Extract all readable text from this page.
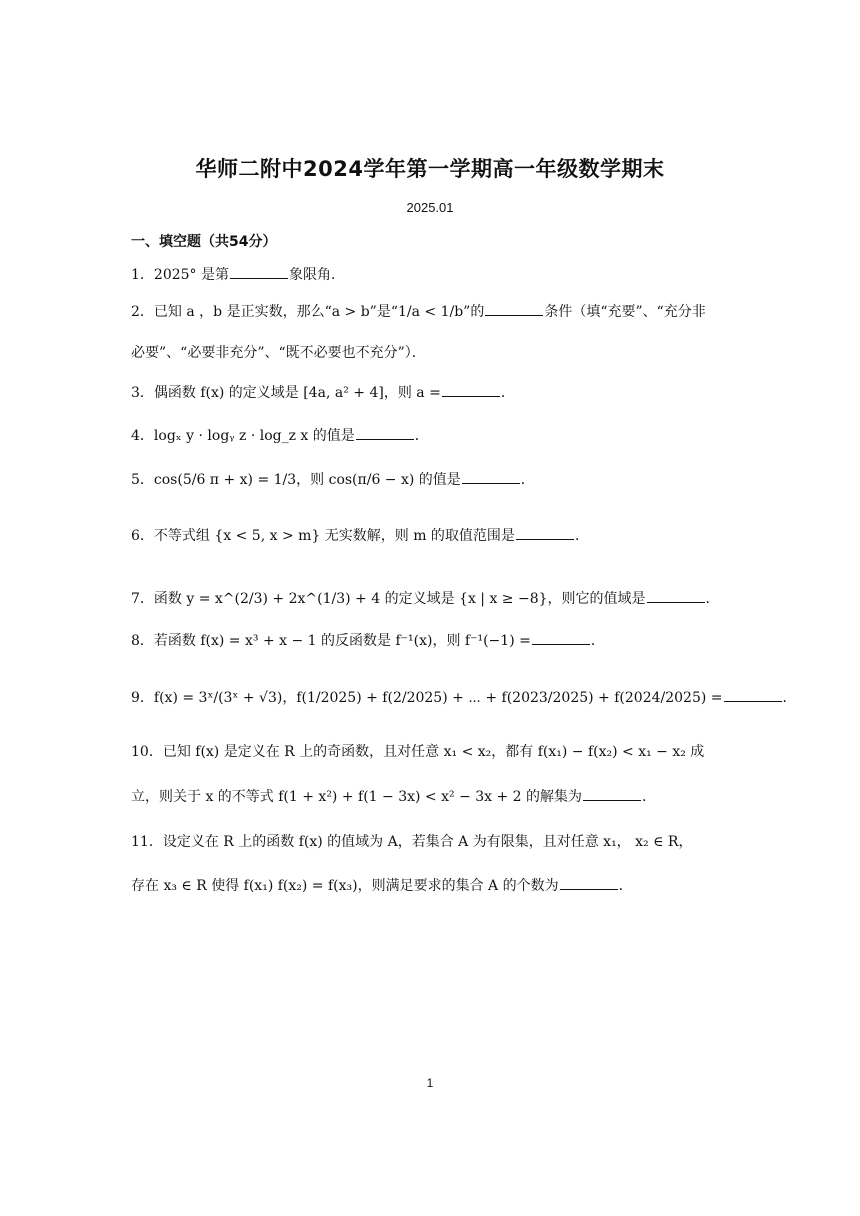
华师二附中2024学年第一学期高一年级数学期末
2025.01
一、填空题（共54分）
1．2025° 是第	象限角．
2．已知 a ，b 是正实数，那么“a > b”是“1/a < 1/b”的	条件（填“充要”、“充分非
必要”、“必要非充分”、“既不必要也不充分”）．
3．偶函数 f(x) 的定义域是 [4a, a² + 4]，则 a =	．
4．logₓ y · logᵧ z · log_z x 的值是	．
5．cos(5/6 π + x) = 1/3，则 cos(π/6 − x) 的值是	．
6．不等式组 {x < 5, x > m} 无实数解，则 m 的取值范围是	．
7．函数 y = x^(2/3) + 2x^(1/3) + 4 的定义域是 {x | x ≥ −8}，则它的值域是	．
8．若函数 f(x) = x³ + x − 1 的反函数是 f⁻¹(x)，则 f⁻¹(−1) =	．
9．f(x) = 3ˣ/(3ˣ + √3)，f(1/2025) + f(2/2025) + ⋯ + f(2023/2025) + f(2024/2025) =	．
10．已知 f(x) 是定义在 R 上的奇函数，且对任意 x₁ < x₂，都有 f(x₁) − f(x₂) < x₁ − x₂ 成
立，则关于 x 的不等式 f(1 + x²) + f(1 − 3x) < x² − 3x + 2 的解集为	．
11．设定义在 R 上的函数 f(x) 的值域为 A，若集合 A 为有限集，且对任意 x₁， x₂ ∈ R，
存在 x₃ ∈ R 使得 f(x₁) f(x₂) = f(x₃)，则满足要求的集合 A 的个数为	．
1
